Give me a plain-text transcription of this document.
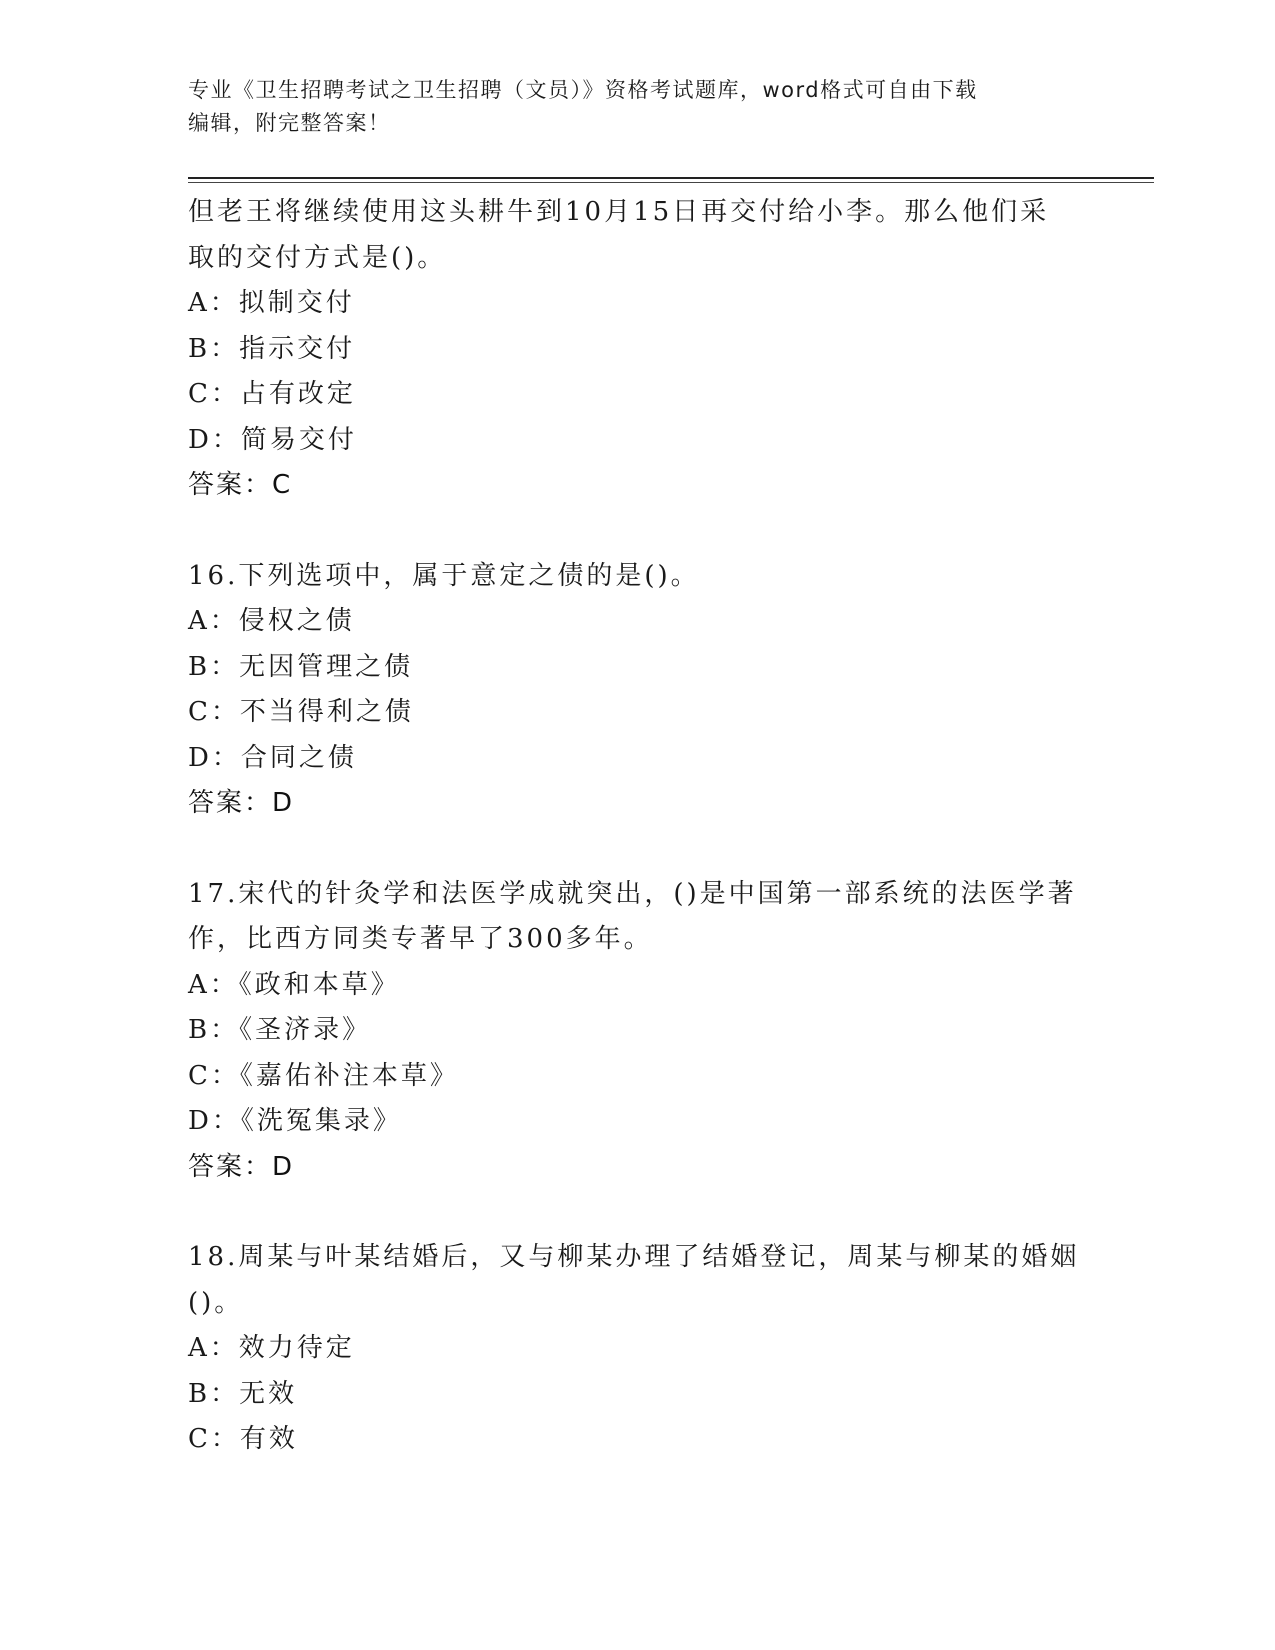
专业《卫生招聘考试之卫生招聘（文员）》资格考试题库，word格式可自由下载
编辑，附完整答案！
但老王将继续使用这头耕牛到10月15日再交付给小李。那么他们采
取的交付方式是()。
A：拟制交付
B：指示交付
C：占有改定
D：简易交付
答案：C
16.下列选项中，属于意定之债的是()。
A：侵权之债
B：无因管理之债
C：不当得利之债
D：合同之债
答案：D
17.宋代的针灸学和法医学成就突出，()是中国第一部系统的法医学著
作，比西方同类专著早了300多年。
A：《政和本草》
B：《圣济录》
C：《嘉佑补注本草》
D：《洗冤集录》
答案：D
18.周某与叶某结婚后，又与柳某办理了结婚登记，周某与柳某的婚姻
()。
A：效力待定
B：无效
C：有效
